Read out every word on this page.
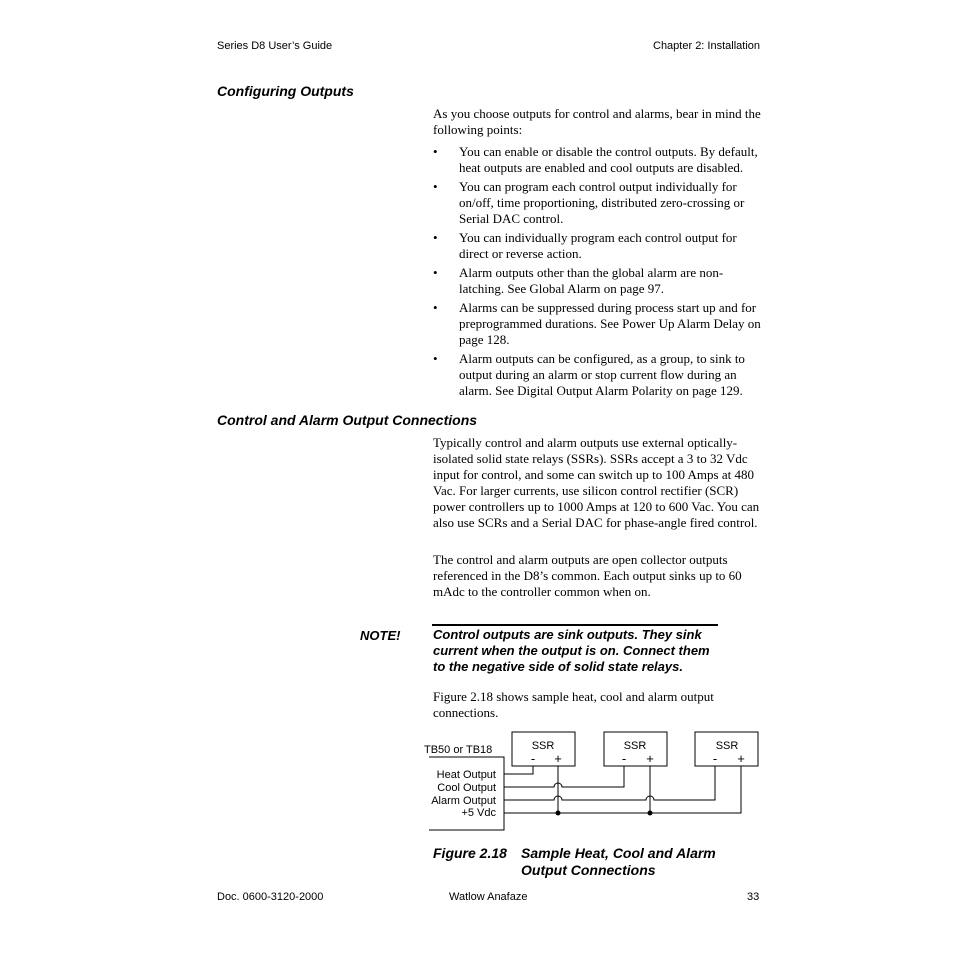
Series D8 User’s Guide	Chapter 2: Installation
Configuring Outputs
As you choose outputs for control and alarms, bear in mind the following points:
• You can enable or disable the control outputs. By default, heat outputs are enabled and cool outputs are disabled.
• You can program each control output individually for on/off, time proportioning, distributed zero-crossing or Serial DAC control.
• You can individually program each control output for direct or reverse action.
• Alarm outputs other than the global alarm are non-latching. See Global Alarm on page 97.
• Alarms can be suppressed during process start up and for preprogrammed durations. See Power Up Alarm Delay on page 128.
• Alarm outputs can be configured, as a group, to sink to output during an alarm or stop current flow during an alarm. See Digital Output Alarm Polarity on page 129.
Control and Alarm Output Connections
Typically control and alarm outputs use external optically-isolated solid state relays (SSRs). SSRs accept a 3 to 32 Vdc input for control, and some can switch up to 100 Amps at 480 Vac. For larger currents, use silicon control rectifier (SCR) power controllers up to 1000 Amps at 120 to 600 Vac. You can also use SCRs and a Serial DAC for phase-angle fired control.
The control and alarm outputs are open collector outputs referenced in the D8’s common. Each output sinks up to 60 mAdc to the controller common when on.
NOTE!	Control outputs are sink outputs. They sink current when the output is on. Connect them to the negative side of solid state relays.
Figure 2.18 shows sample heat, cool and alarm output connections.
SSR	SSR	SSR
- +	- +	- +
TB50 or TB18
Heat Output
Cool Output
Alarm Output
+5 Vdc
Figure 2.18 Sample Heat, Cool and Alarm
Output Connections
Doc. 0600-3120-2000	Watlow Anafaze	33
